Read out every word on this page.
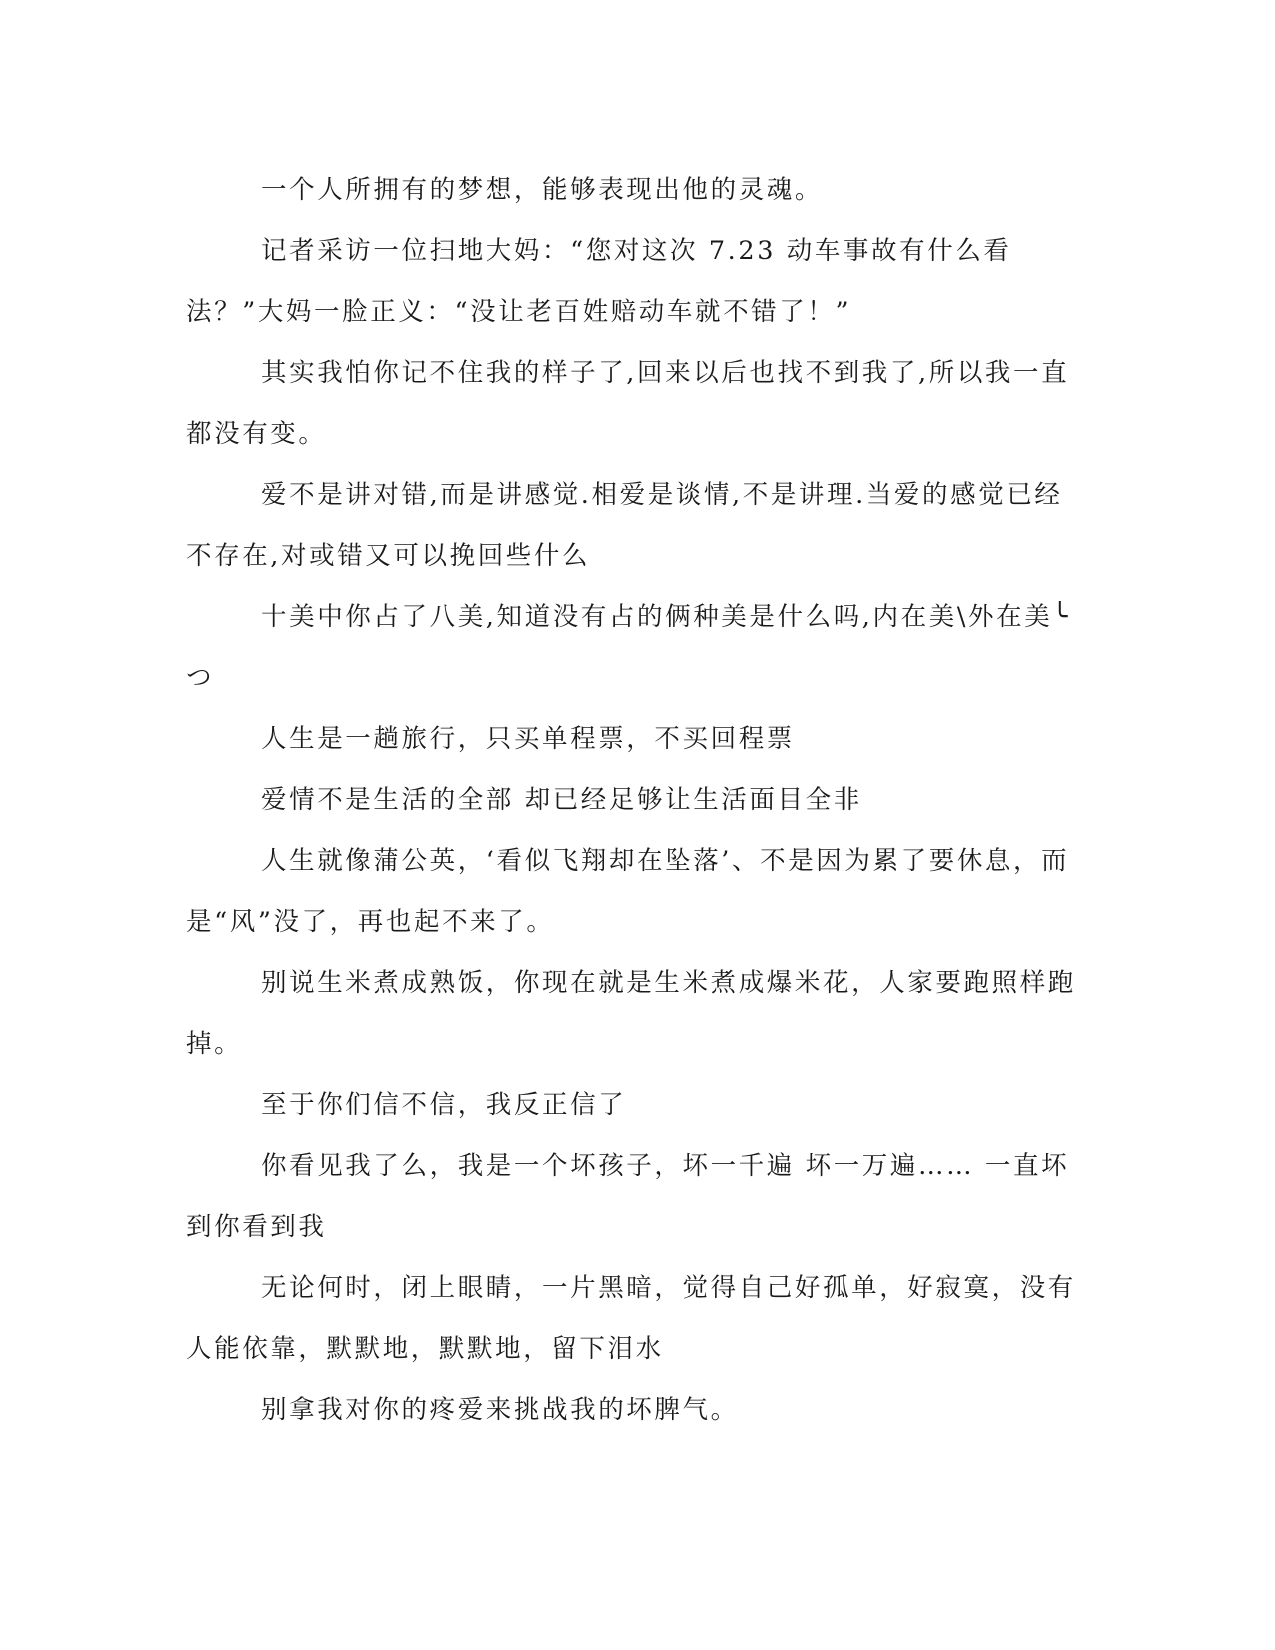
一个人所拥有的梦想，能够表现出他的灵魂。

记者采访一位扫地大妈：“您对这次 7.23 动车事故有什么看法？”大妈一脸正义：“没让老百姓赔动车就不错了！”

其实我怕你记不住我的样子了,回来以后也找不到我了,所以我一直都没有变。

爱不是讲对错,而是讲感觉.相爱是谈情,不是讲理.当爱的感觉已经不存在,对或错又可以挽回些什么

十美中你占了八美,知道没有占的俩种美是什么吗,内在美\外在美╰つ

人生是一趟旅行，只买单程票，不买回程票

爱情不是生活的全部 却已经足够让生活面目全非

人生就像蒲公英，‘看似飞翔却在坠落’、不是因为累了要休息，而是“风”没了，再也起不来了。

别说生米煮成熟饭，你现在就是生米煮成爆米花，人家要跑照样跑掉。

至于你们信不信，我反正信了

你看见我了么，我是一个坏孩子，坏一千遍 坏一万遍…… 一直坏到你看到我

无论何时，闭上眼睛，一片黑暗，觉得自己好孤单，好寂寞，没有人能依靠，默默地，默默地，留下泪水

别拿我对你的疼爱来挑战我的坏脾气。
